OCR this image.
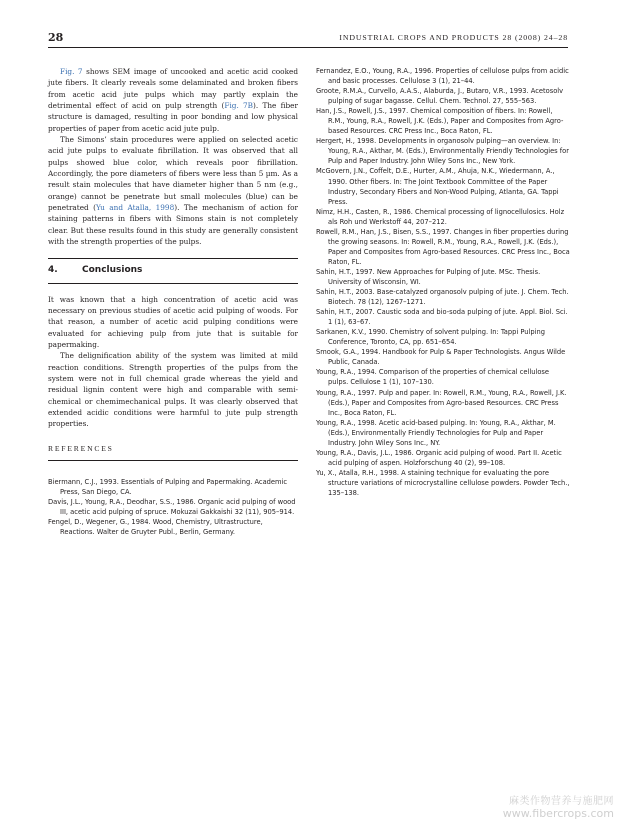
28	INDUSTRIAL CROPS AND PRODUCTS 28 (2008) 24–28

Fig. 7 shows SEM image of uncooked and acetic acid cooked jute fibers. It clearly reveals some delaminated and broken fibers from acetic acid jute pulps which may partly explain the detrimental effect of acid on pulp strength (Fig. 7B). The fiber structure is damaged, resulting in poor bonding and low physical properties of paper from acetic acid jute pulp.

The Simons’ stain procedures were applied on selected acetic acid jute pulps to evaluate fibrillation. It was observed that all pulps showed blue color, which reveals poor fibrillation. Accordingly, the pore diameters of fibers were less than 5 µm. As a result stain molecules that have diameter higher than 5 nm (e.g., orange) cannot be penetrate but small molecules (blue) can be penetrated (Yu and Atalla, 1998). The mechanism of action for staining patterns in fibers with Simons stain is not completely clear. But these results found in this study are generally consistent with the strength properties of the pulps.

4.	Conclusions

It was known that a high concentration of acetic acid was necessary on previous studies of acetic acid pulping of woods. For that reason, a number of acetic acid pulping conditions were evaluated for achieving pulp from jute that is suitable for papermaking.

The delignification ability of the system was limited at mild reaction conditions. Strength properties of the pulps from the system were not in full chemical grade whereas the yield and residual lignin content were high and comparable with semi-chemical or chemimechanical pulps. It was clearly observed that extended acidic conditions were harmful to jute pulp strength properties.

REFERENCES

Biermann, C.J., 1993. Essentials of Pulping and Papermaking. Academic Press, San Diego, CA.

Davis, J.L., Young, R.A., Deodhar, S.S., 1986. Organic acid pulping of wood III, acetic acid pulping of spruce. Mokuzai Gakkaishi 32 (11), 905–914.

Fengel, D., Wegener, G., 1984. Wood, Chemistry, Ultrastructure, Reactions. Walter de Gruyter Publ., Berlin, Germany.

Fernandez, E.O., Young, R.A., 1996. Properties of cellulose pulps from acidic and basic processes. Cellulose 3 (1), 21–44.

Groote, R.M.A., Curvello, A.A.S., Alaburda, J., Butaro, V.R., 1993. Acetosolv pulping of sugar bagasse. Cellul. Chem. Technol. 27, 555–563.

Han, J.S., Rowell, J.S., 1997. Chemical composition of fibers. In: Rowell, R.M., Young, R.A., Rowell, J.K. (Eds.), Paper and Composites from Agro-based Resources. CRC Press Inc., Boca Raton, FL.

Hergert, H., 1998. Developments in organosolv pulping—an overview. In: Young, R.A., Akthar, M. (Eds.), Environmentally Friendly Technologies for Pulp and Paper Industry. John Wiley Sons Inc., New York.

McGovern, J.N., Coffelt, D.E., Hurter, A.M., Ahuja, N.K., Wiedermann, A., 1990. Other fibers. In: The Joint Textbook Committee of the Paper Industry, Secondary Fibers and Non-Wood Pulping, Atlanta, GA. Tappi Press.

Nimz, H.H., Casten, R., 1986. Chemical processing of lignocellulosics. Holz als Roh und Werkstoff 44, 207–212.

Rowell, R.M., Han, J.S., Bisen, S.S., 1997. Changes in fiber properties during the growing seasons. In: Rowell, R.M., Young, R.A., Rowell, J.K. (Eds.), Paper and Composites from Agro-based Resources. CRC Press Inc., Boca Raton, FL.

Sahin, H.T., 1997. New Approaches for Pulping of Jute. MSc. Thesis. University of Wisconsin, WI.

Sahin, H.T., 2003. Base-catalyzed organosolv pulping of jute. J. Chem. Tech. Biotech. 78 (12), 1267–1271.

Sahin, H.T., 2007. Caustic soda and bio-soda pulping of jute. Appl. Biol. Sci. 1 (1), 63–67.

Sarkanen, K.V., 1990. Chemistry of solvent pulping. In: Tappi Pulping Conference, Toronto, CA, pp. 651–654.

Smook, G.A., 1994. Handbook for Pulp & Paper Technologists. Angus Wilde Public, Canada.

Young, R.A., 1994. Comparison of the properties of chemical cellulose pulps. Cellulose 1 (1), 107–130.

Young, R.A., 1997. Pulp and paper. In: Rowell, R.M., Young, R.A., Rowell, J.K. (Eds.), Paper and Composites from Agro-based Resources. CRC Press Inc., Boca Raton, FL.

Young, R.A., 1998. Acetic acid-based pulping. In: Young, R.A., Akthar, M. (Eds.), Environmentally Friendly Technologies for Pulp and Paper Industry. John Wiley Sons Inc., NY.

Young, R.A., Davis, J.L., 1986. Organic acid pulping of wood. Part II. Acetic acid pulping of aspen. Holzforschung 40 (2), 99–108.

Yu, X., Atalla, R.H., 1998. A staining technique for evaluating the pore structure variations of microcrystalline cellulose powders. Powder Tech., 135–138.

麻类作物营养与施肥网
www.fibercrops.com
